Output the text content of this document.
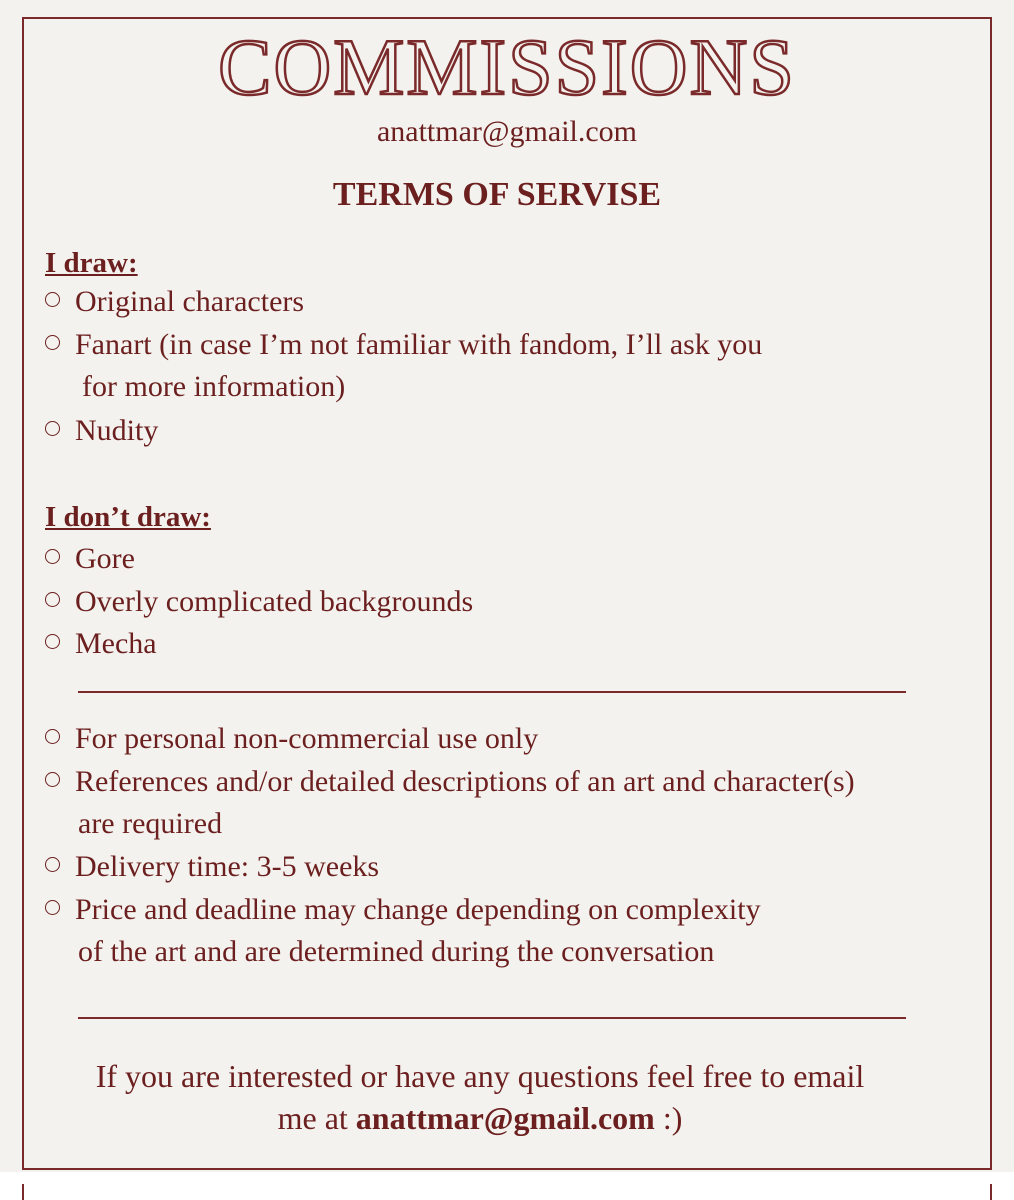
COMMISSIONS
anattmar@gmail.com
TERMS OF SERVISE
I draw:
Original characters
Fanart (in case I’m not familiar with fandom, I’ll ask you
for more information)
Nudity
I don’t draw:
Gore
Overly complicated backgrounds
Mecha
For personal non-commercial use only
References and/or detailed descriptions of an art and character(s)
are required
Delivery time: 3-5 weeks
Price and deadline may change depending on complexity
of the art and are determined during the conversation
If you are interested or have any questions feel free to email
me at anattmar@gmail.com :)
